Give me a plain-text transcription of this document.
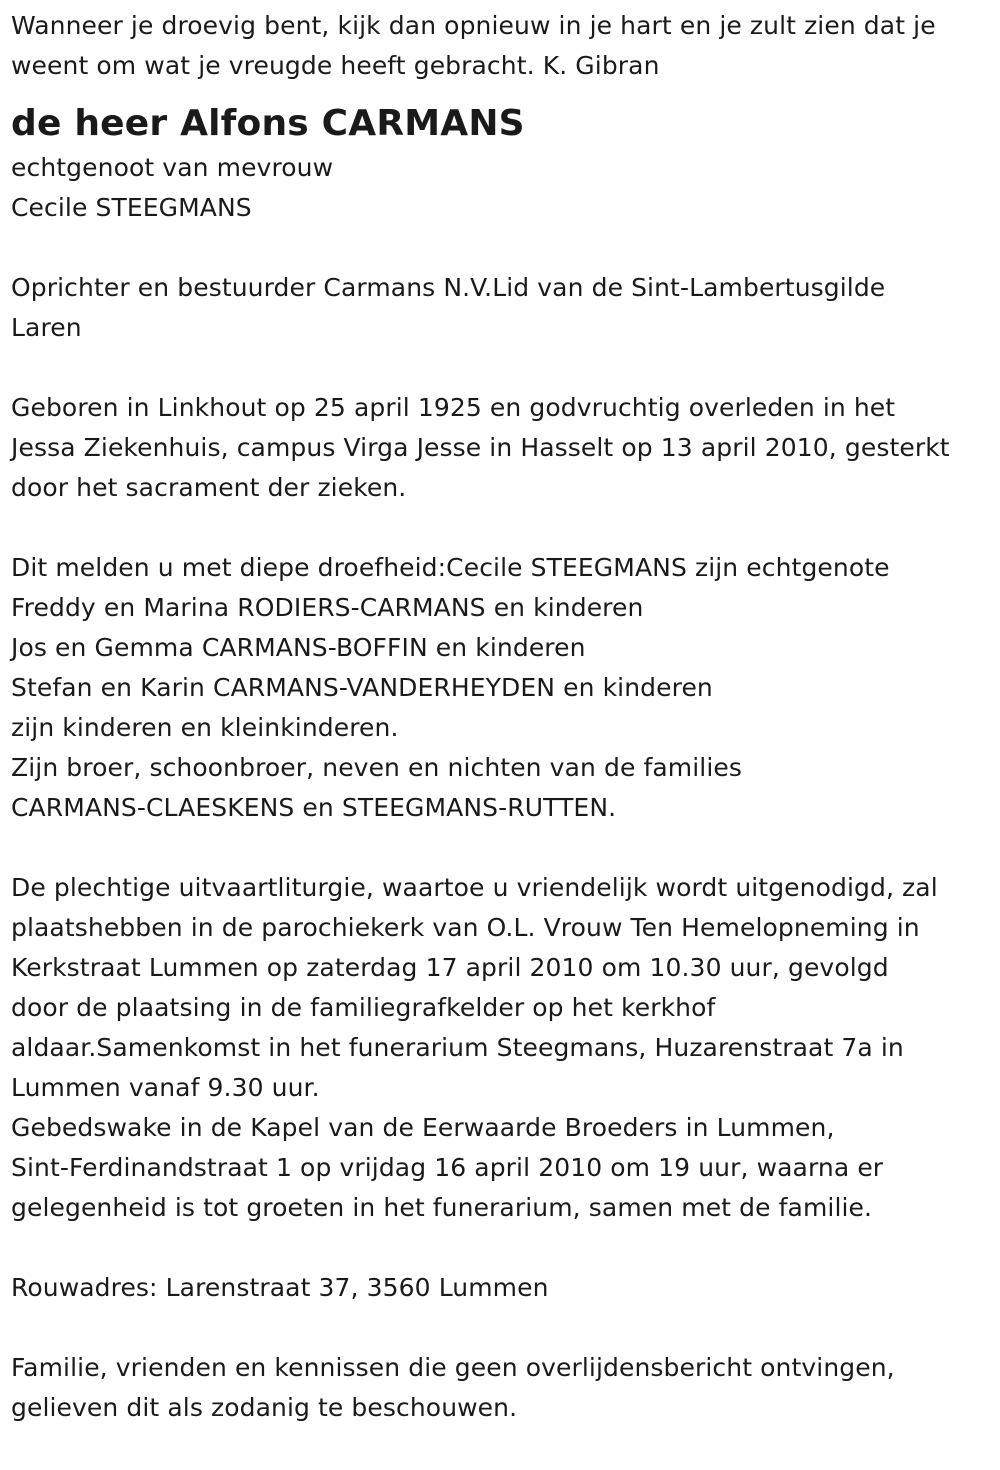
Wanneer je droevig bent, kijk dan opnieuw in je hart en je zult zien dat je
weent om wat je vreugde heeft gebracht. K. Gibran
de heer Alfons CARMANS
echtgenoot van mevrouw
Cecile STEEGMANS
Oprichter en bestuurder Carmans N.V.Lid van de Sint-Lambertusgilde
Laren
Geboren in Linkhout op 25 april 1925 en godvruchtig overleden in het
Jessa Ziekenhuis, campus Virga Jesse in Hasselt op 13 april 2010, gesterkt
door het sacrament der zieken.
Dit melden u met diepe droefheid:Cecile STEEGMANS zijn echtgenote
Freddy en Marina RODIERS-CARMANS en kinderen
Jos en Gemma CARMANS-BOFFIN en kinderen
Stefan en Karin CARMANS-VANDERHEYDEN en kinderen
zijn kinderen en kleinkinderen.
Zijn broer, schoonbroer, neven en nichten van de families
CARMANS-CLAESKENS en STEEGMANS-RUTTEN.
De plechtige uitvaartliturgie, waartoe u vriendelijk wordt uitgenodigd, zal
plaatshebben in de parochiekerk van O.L. Vrouw Ten Hemelopneming in
Kerkstraat Lummen op zaterdag 17 april 2010 om 10.30 uur, gevolgd
door de plaatsing in de familiegrafkelder op het kerkhof
aldaar.Samenkomst in het funerarium Steegmans, Huzarenstraat 7a in
Lummen vanaf 9.30 uur.
Gebedswake in de Kapel van de Eerwaarde Broeders in Lummen,
Sint-Ferdinandstraat 1 op vrijdag 16 april 2010 om 19 uur, waarna er
gelegenheid is tot groeten in het funerarium, samen met de familie.
Rouwadres: Larenstraat 37, 3560 Lummen
Familie, vrienden en kennissen die geen overlijdensbericht ontvingen,
gelieven dit als zodanig te beschouwen.
